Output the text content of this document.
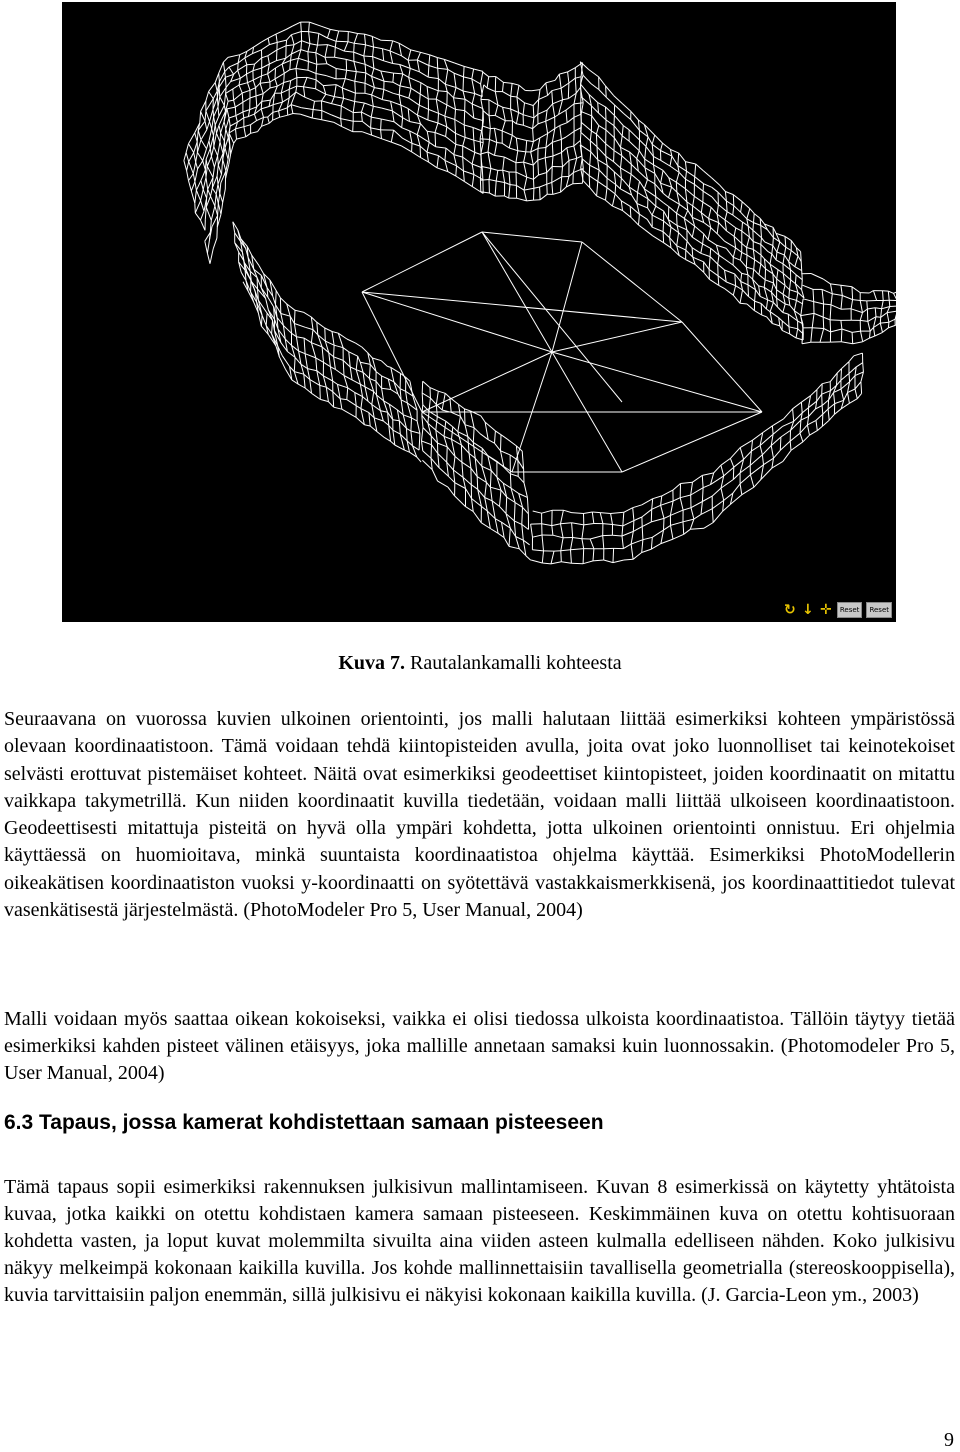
↻ ↓ ✛	Reset	Reset
Kuva 7. Rautalankamalli kohteesta

Seuraavana on vuorossa kuvien ulkoinen orientointi, jos malli halutaan liittää esimerkiksi kohteen ympäristössä olevaan koordinaatistoon. Tämä voidaan tehdä kiintopisteiden avulla, joita ovat joko luonnolliset tai keinotekoiset selvästi erottuvat pistemäiset kohteet. Näitä ovat esimerkiksi geodeettiset kiintopisteet, joiden koordinaatit on mitattu vaikkapa takymetrillä. Kun niiden koordinaatit kuvilla tiedetään, voidaan malli liittää ulkoiseen koordinaatistoon. Geodeettisesti mitattuja pisteitä on hyvä olla ympäri kohdetta, jotta ulkoinen orientointi onnistuu. Eri ohjelmia käyttäessä on huomioitava, minkä suuntaista koordinaatistoa ohjelma käyttää. Esimerkiksi PhotoModellerin oikeakätisen koordinaatiston vuoksi y-koordinaatti on syötettävä vastakkaismerkkisenä, jos koordinaattitiedot tulevat vasenkätisestä järjestelmästä. (PhotoModeler Pro 5, User Manual, 2004)

Malli voidaan myös saattaa oikean kokoiseksi, vaikka ei olisi tiedossa ulkoista koordinaatistoa. Tällöin täytyy tietää esimerkiksi kahden pisteet välinen etäisyys, joka mallille annetaan samaksi kuin luonnossakin. (Photomodeler Pro 5, User Manual, 2004)

6.3 Tapaus, jossa kamerat kohdistettaan samaan pisteeseen

Tämä tapaus sopii esimerkiksi rakennuksen julkisivun mallintamiseen. Kuvan 8 esimerkissä on käytetty yhtätoista kuvaa, jotka kaikki on otettu kohdistaen kamera samaan pisteeseen. Keskimmäinen kuva on otettu kohtisuoraan kohdetta vasten, ja loput kuvat molemmilta sivuilta aina viiden asteen kulmalla edelliseen nähden. Koko julkisivu näkyy melkeimpä kokonaan kaikilla kuvilla. Jos kohde mallinnettaisiin tavallisella geometrialla (stereoskooppisella), kuvia tarvittaisiin paljon enemmän, sillä julkisivu ei näkyisi kokonaan kaikilla kuvilla. (J. Garcia-Leon ym., 2003)

9
